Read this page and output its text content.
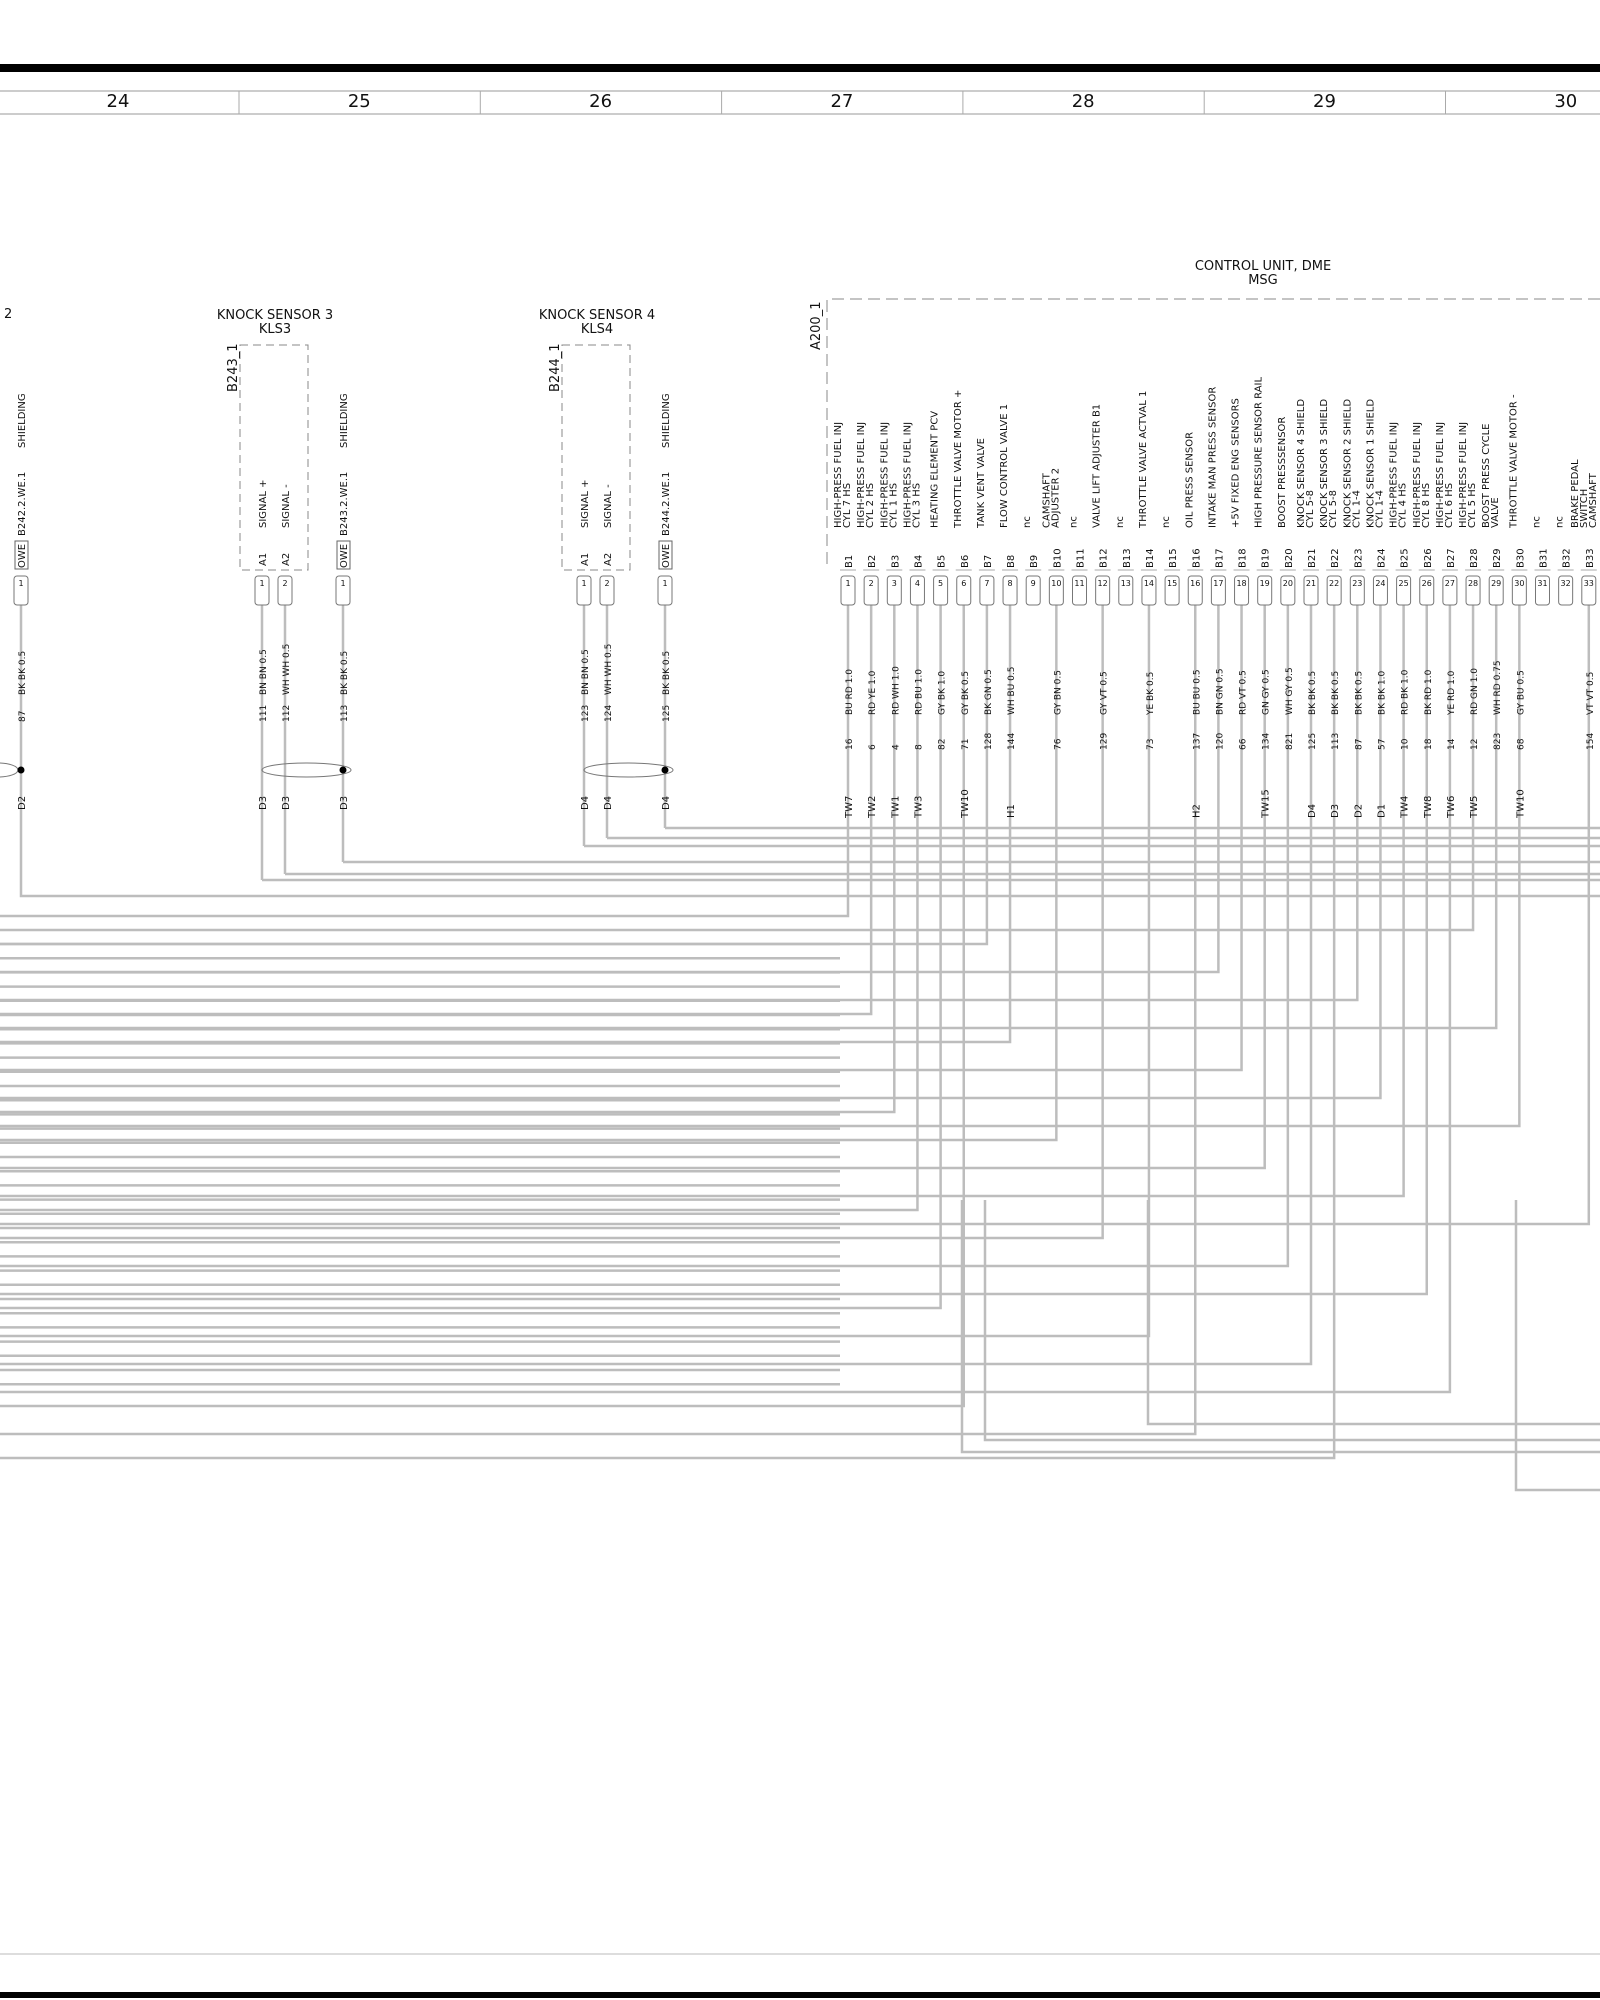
24	25	26	27	28	29	30
2	KNOCK SENSOR 3
KLS3
B243_1
KNOCK SENSOR 4
KLS4
B244_1
CONTROL UNIT, DME
MSG
A200_1
SIGNAL +
A1
1
111
BN BN 0.5
D3
SIGNAL -
A2
2
112
WH WH 0.5
D3
SHIELDING
OWE
B243.2.WE.1
1
113
BK BK 0.5
D3
SIGNAL +
A1
1
123
BN BN 0.5
D4
SIGNAL -
A2
2
124
WH WH 0.5
D4
SHIELDING
OWE
B244.2.WE.1
1
125
BK BK 0.5
D4
SHIELDING
OWE
B242.2.WE.1
1
87
BK BK 0.5
D2
HIGH-PRESS FUEL INJ
CYL 7 HS
B1
1
16
BU RD 1.0
TW7
HIGH-PRESS FUEL INJ
CYL 2 HS
B2
2
6
RD YE 1.0
TW2
HIGH-PRESS FUEL INJ
CYL 1 HS
B3
3
4
RD WH 1.0
TW1
HIGH-PRESS FUEL INJ
CYL 3 HS
B4
4
8
RD BU 1.0
TW3
HEATING ELEMENT PCV
B5
5
82
GY BK 1.0
THROTTLE VALVE MOTOR +
B6
6
71
GY BK 0.5
TW10
TANK VENT VALVE
B7
7
128
BK GN 0.5
FLOW CONTROL VALVE 1
B8
8
144
WH BU 0.5
H1
nc
B9
9
CAMSHAFT
ADJUSTER 2
B10
10
76
GY BN 0.5
nc
B11
11
VALVE LIFT ADJUSTER B1
B12
12
129
GY VT 0.5
nc
B13
13
THROTTLE VALVE ACTVAL 1
B14
14
73
YE BK 0.5
nc
B15
15
OIL PRESS SENSOR
B16
16
137
BU BU 0.5
H2
INTAKE MAN PRESS SENSOR
B17
17
120
BN GN 0.5
+5V FIXED ENG SENSORS
B18
18
66
RD VT 0.5
HIGH PRESSURE SENSOR RAIL
B19
19
134
GN GY 0.5
TW15
BOOST PRESSSENSOR
B20
20
821
WH GY 0.5
KNOCK SENSOR 4 SHIELD
CYL 5-8
B21
21
125
BK BK 0.5
D4
KNOCK SENSOR 3 SHIELD
CYL 5-8
B22
22
113
BK BK 0.5
D3
KNOCK SENSOR 2 SHIELD
CYL 1-4
B23
23
87
BK BK 0.5
D2
KNOCK SENSOR 1 SHIELD
CYL 1-4
B24
24
57
BK BK 1.0
D1
HIGH-PRESS FUEL INJ
CYL 4 HS
B25
25
10
RD BK 1.0
TW4
HIGH-PRESS FUEL INJ
CYL 8 HS
B26
26
18
BK RD 1.0
TW8
HIGH-PRESS FUEL INJ
CYL 6 HS
B27
27
14
YE RD 1.0
TW6
HIGH-PRESS FUEL INJ
CYL 5 HS
B28
28
12
RD GN 1.0
TW5
BOOST PRESS CYCLE
VALVE
B29
29
823
WH RD 0.75
THROTTLE VALVE MOTOR -
B30
30
68
GY BU 0.5
TW10
nc
B31
31
nc
B32
32
BRAKE PEDAL
SWITCH
CAMSHAFT
B33
33
154
VT VT 0.5
